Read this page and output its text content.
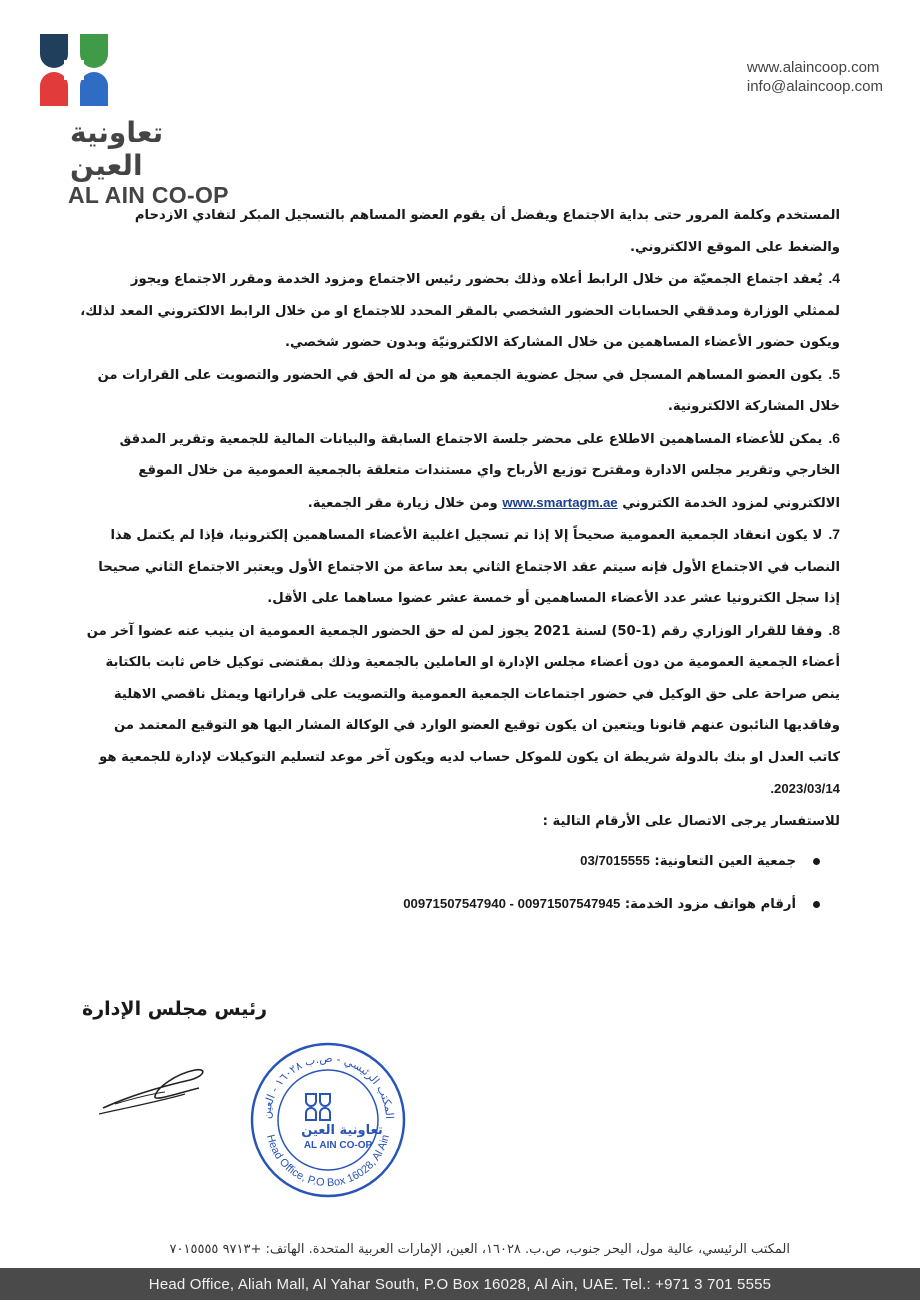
تعاونية العين
AL AIN CO-OP
www.alaincoop.com
info@alaincoop.com

المستخدم وكلمة المرور حتى بداية الاجتماع ويفضل أن يقوم العضو المساهم بالتسجيل المبكر لتفادي الازدحام والضغط على الموقع الالكتروني.

4.يُعقد اجتماع الجمعيّة من خلال الرابط أعلاه وذلك بحضور رئيس الاجتماع ومزود الخدمة ومقرر الاجتماع ويجوز لممثلي الوزارة ومدققي الحسابات الحضور الشخصي بالمقر المحدد للاجتماع او من خلال الرابط الالكتروني المعد لذلك، ويكون حضور الأعضاء المساهمين من خلال المشاركة الالكترونيّة وبدون حضور شخصي.

5.يكون العضو المساهم المسجل في سجل عضوية الجمعية هو من له الحق في الحضور والتصويت على القرارات من خلال المشاركة الالكترونية.

6.يمكن للأعضاء المساهمين الاطلاع على محضر جلسة الاجتماع السابقة والبيانات المالية للجمعية وتقرير المدقق الخارجي وتقرير مجلس الادارة ومقترح توزيع الأرباح واي مستندات متعلقة بالجمعية العمومية من خلال الموقع الالكتروني لمزود الخدمة الكتروني www.smartagm.ae ومن خلال زيارة مقر الجمعية.

7.لا يكون انعقاد الجمعية العمومية صحيحاً إلا إذا تم تسجيل اغلبية الأعضاء المساهمين إلكترونيا، فإذا لم يكتمل هذا النصاب في الاجتماع الأول فإنه سيتم عقد الاجتماع الثاني بعد ساعة من الاجتماع الأول ويعتبر الاجتماع الثاني صحيحا إذا سجل الكترونيا عشر عدد الأعضاء المساهمين أو خمسة عشر عضوا مساهما على الأقل.

8.وفقا للقرار الوزاري رقم (1-50) لسنة 2021 يجوز لمن له حق الحضور الجمعية العمومية ان ينيب عنه عضوا آخر من أعضاء الجمعية العمومية من دون أعضاء مجلس الإدارة او العاملين بالجمعية وذلك بمقتضى توكيل خاص ثابت بالكتابة ينص صراحة على حق الوكيل في حضور اجتماعات الجمعية العمومية والتصويت على قراراتها ويمثل ناقصي الاهلية وفاقديها النائبون عنهم قانونا ويتعين ان يكون توقيع العضو الوارد في الوكالة المشار اليها هو التوقيع المعتمد من كاتب العدل او بنك بالدولة شريطة ان يكون للموكل حساب لديه ويكون آخر موعد لتسليم التوكيلات لإدارة للجمعية هو .2023/03/14

للاستفسار يرجى الاتصال على الأرقام التالية :

جمعية العين التعاونية: 03/7015555
أرقام هواتف مزود الخدمة: 00971507547940 - 00971507547945
رئيس مجلس الإدارة
المكتب الرئيسي - ص.ب ١٦٠٢٨ - العين
Head Office, P.O Box 16028, Al Ain
تعاونية العين
AL AIN CO-OP
المكتب الرئيسي، عالية مول، اليحر جنوب، ص.ب. ١٦٠٢٨، العين، الإمارات العربية المتحدة. الهاتف: +٩٧١٣ ٧٠١٥٥٥٥
Head Office, Aliah Mall, Al Yahar South, P.O Box 16028, Al Ain, UAE. Tel.: +971 3 701 5555
